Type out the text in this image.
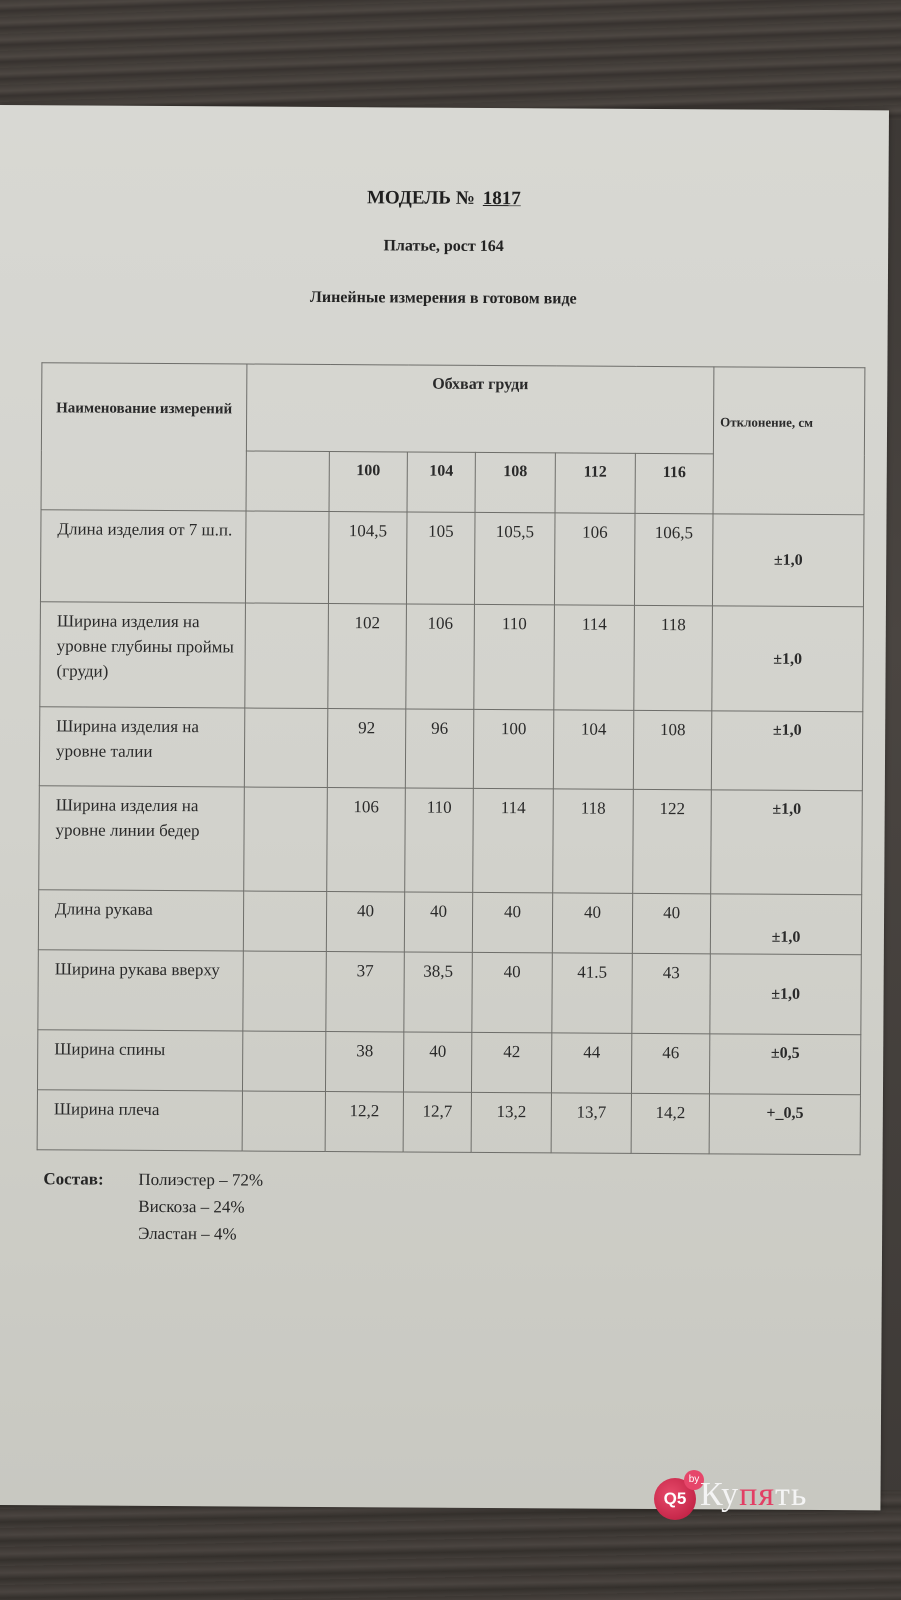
МОДЕЛЬ № 1817
Платье, рост 164
Линейные измерения в готовом виде
Наименование измерений	Обхват груди						Отклонение, см
		100	104	108	112	116	
Длина изделия от 7 ш.п.		104,5	105	105,5	106	106,5	±1,0
Ширина изделия на уровне глубины проймы (груди)		102	106	110	114	118	±1,0
Ширина изделия на уровне талии		92	96	100	104	108	±1,0
Ширина изделия на уровне линии бедер		106	110	114	118	122	±1,0
Длина рукава		40	40	40	40	40	±1,0
Ширина рукава вверху		37	38,5	40	41.5	43	±1,0
Ширина спины		38	40	42	44	46	±0,5
Ширина плеча		12,2	12,7	13,2	13,7	14,2	+_0,5
Состав: Полиэстер – 72%
Вискоза – 24%
Эластан – 4%
Q5
by Купять
